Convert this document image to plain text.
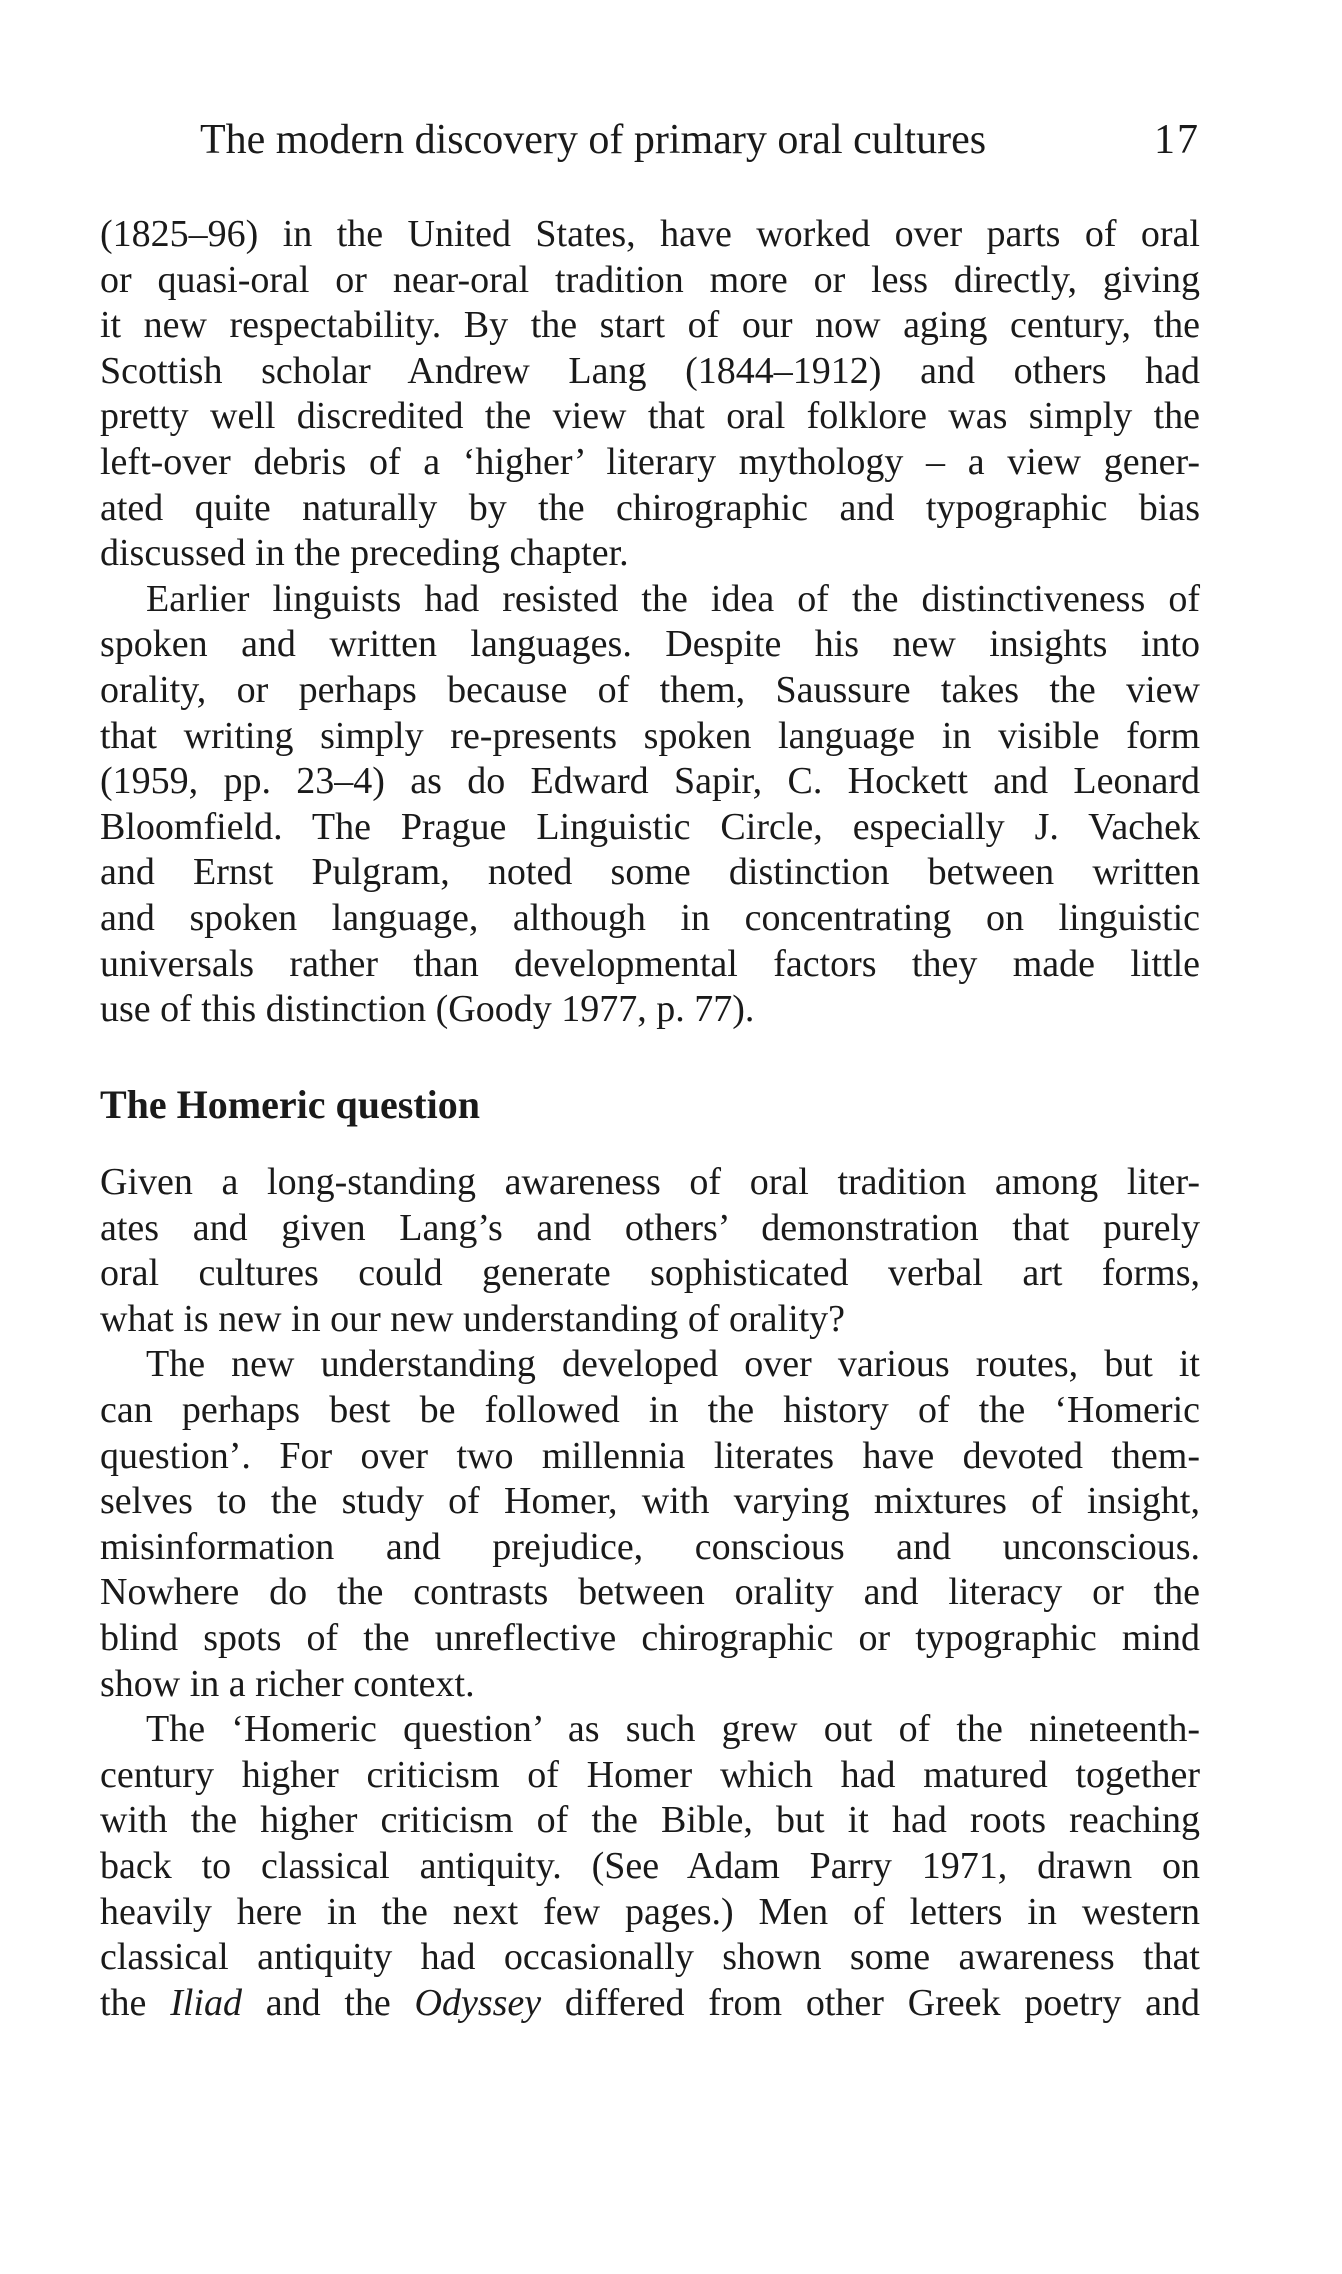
The modern discovery of primary oral cultures	17
(1825–96) in the United States, have worked over parts of oral
or quasi-oral or near-oral tradition more or less directly, giving
it new respectability. By the start of our now aging century, the
Scottish scholar Andrew Lang (1844–1912) and others had
pretty well discredited the view that oral folklore was simply the
left-over debris of a ‘higher’ literary mythology – a view gener-
ated quite naturally by the chirographic and typographic bias
discussed in the preceding chapter.
Earlier linguists had resisted the idea of the distinctiveness of
spoken and written languages. Despite his new insights into
orality, or perhaps because of them, Saussure takes the view
that writing simply re-presents spoken language in visible form
(1959, pp. 23–4) as do Edward Sapir, C. Hockett and Leonard
Bloomfield. The Prague Linguistic Circle, especially J. Vachek
and Ernst Pulgram, noted some distinction between written
and spoken language, although in concentrating on linguistic
universals rather than developmental factors they made little
use of this distinction (Goody 1977, p. 77).
The Homeric question
Given a long-standing awareness of oral tradition among liter-
ates and given Lang’s and others’ demonstration that purely
oral cultures could generate sophisticated verbal art forms,
what is new in our new understanding of orality?
The new understanding developed over various routes, but it
can perhaps best be followed in the history of the ‘Homeric
question’. For over two millennia literates have devoted them-
selves to the study of Homer, with varying mixtures of insight,
misinformation and prejudice, conscious and unconscious.
Nowhere do the contrasts between orality and literacy or the
blind spots of the unreflective chirographic or typographic mind
show in a richer context.
The ‘Homeric question’ as such grew out of the nineteenth-
century higher criticism of Homer which had matured together
with the higher criticism of the Bible, but it had roots reaching
back to classical antiquity. (See Adam Parry 1971, drawn on
heavily here in the next few pages.) Men of letters in western
classical antiquity had occasionally shown some awareness that
the Iliad and the Odyssey differed from other Greek poetry and
